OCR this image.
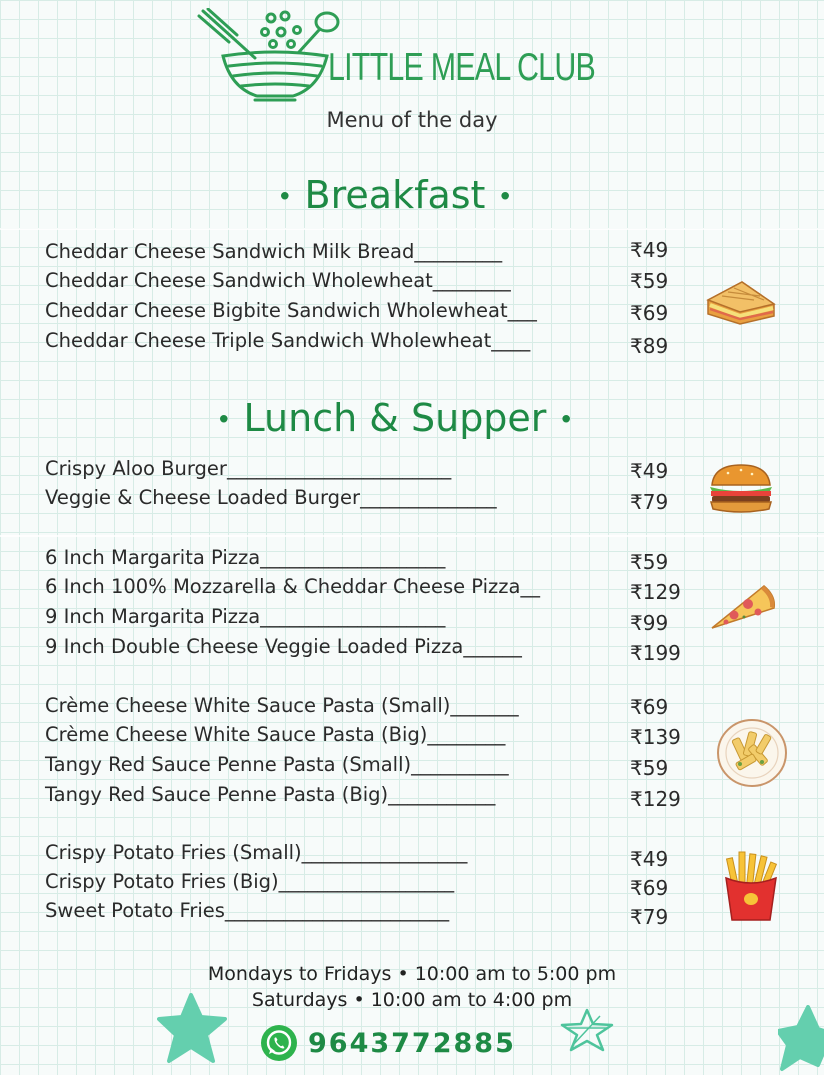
LITTLE MEAL CLUB
Menu of the day
• Breakfast •
Cheddar Cheese Sandwich Milk Bread_________	₹49
Cheddar Cheese Sandwich Wholewheat________	₹59
Cheddar Cheese Bigbite Sandwich Wholewheat___	₹69
Cheddar Cheese Triple Sandwich Wholewheat____	₹89
• Lunch & Supper •
Crispy Aloo Burger_______________________	₹49
Veggie & Cheese Loaded Burger______________	₹79
6 Inch Margarita Pizza___________________	₹59
6 Inch 100% Mozzarella & Cheddar Cheese Pizza__	₹129
9 Inch Margarita Pizza___________________	₹99
9 Inch Double Cheese Veggie Loaded Pizza______	₹199
Crème Cheese White Sauce Pasta (Small)_______	₹69
Crème Cheese White Sauce Pasta (Big)________	₹139
Tangy Red Sauce Penne Pasta (Small)__________	₹59
Tangy Red Sauce Penne Pasta (Big)___________	₹129
Crispy Potato Fries (Small)_________________	₹49
Crispy Potato Fries (Big)__________________	₹69
Sweet Potato Fries_______________________	₹79
Mondays to Fridays • 10:00 am to 5:00 pm
Saturdays • 10:00 am to 4:00 pm
9643772885
